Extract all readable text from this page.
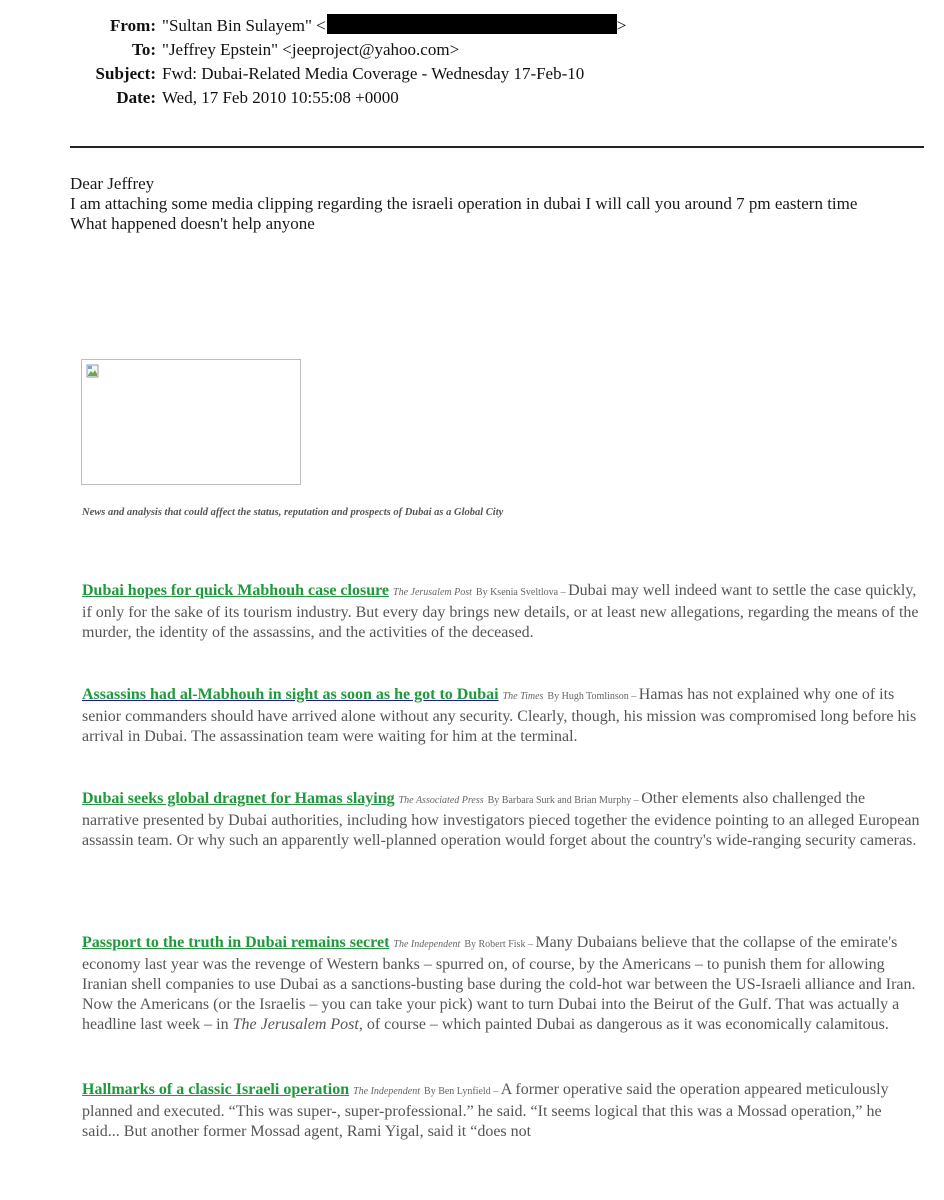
From: "Sultan Bin Sulayem" <	>
To: "Jeffrey Epstein" <jeeproject@yahoo.com>
Subject: Fwd: Dubai-Related Media Coverage - Wednesday 17-Feb-10
Date: Wed, 17 Feb 2010 10:55:08 +0000

Dear Jeffrey

I am attaching some media clipping regarding the israeli operation in dubai I will call you around 7 pm eastern time

What happened doesn't help anyone

News and analysis that could affect the status, reputation and prospects of Dubai as a Global City
Dubai hopes for quick Mabhouh case closure The Jerusalem Post By Ksenia Sveltlova – Dubai may well indeed want to settle the case quickly, if only for the sake of its tourism industry. But every day brings new details, or at least new allegations, regarding the means of the murder, the identity of the assassins, and the activities of the deceased.
Assassins had al-Mabhouh in sight as soon as he got to Dubai The Times By Hugh Tomlinson – Hamas has not explained why one of its senior commanders should have arrived alone without any security. Clearly, though, his mission was compromised long before his arrival in Dubai. The assassination team were waiting for him at the terminal.
Dubai seeks global dragnet for Hamas slaying The Associated Press By Barbara Surk and Brian Murphy – Other elements also challenged the narrative presented by Dubai authorities, including how investigators pieced together the evidence pointing to an alleged European assassin team. Or why such an apparently well-planned operation would forget about the country's wide-ranging security cameras.
Passport to the truth in Dubai remains secret The Independent By Robert Fisk – Many Dubaians believe that the collapse of the emirate's economy last year was the revenge of Western banks – spurred on, of course, by the Americans – to punish them for allowing Iranian shell companies to use Dubai as a sanctions-busting base during the cold-hot war between the US-Israeli alliance and Iran. Now the Americans (or the Israelis – you can take your pick) want to turn Dubai into the Beirut of the Gulf. That was actually a headline last week – in The Jerusalem Post, of course – which painted Dubai as dangerous as it was economically calamitous.
Hallmarks of a classic Israeli operation The Independent By Ben Lynfield – A former operative said the operation appeared meticulously planned and executed. “This was super-, super-professional.” he said. “It seems logical that this was a Mossad operation,” he said... But another former Mossad agent, Rami Yigal, said it “does not
